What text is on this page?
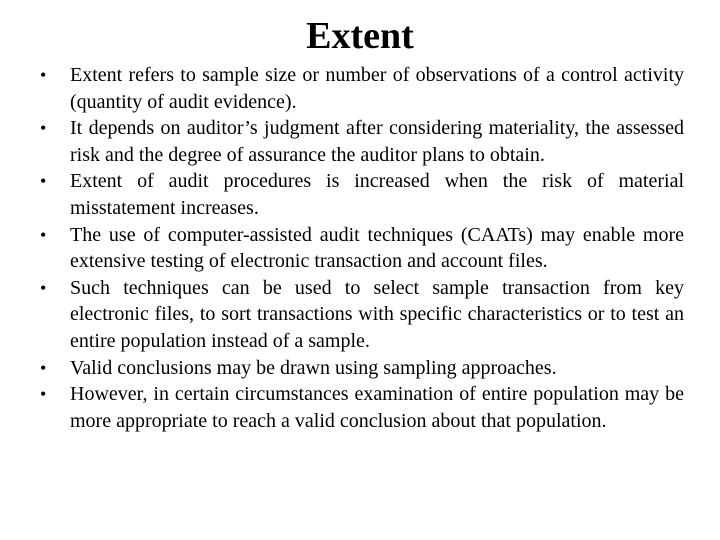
Extent
•	Extent refers to sample size or number of observations of a control activity (quantity of audit evidence).
•	It depends on auditor’s judgment after considering materiality, the assessed risk and the degree of assurance the auditor plans to obtain.
•	Extent of audit procedures is increased when the risk of material misstatement increases.
•	The use of computer-assisted audit techniques (CAATs) may enable more extensive testing of electronic transaction and account files.
•	Such techniques can be used to select sample transaction from key electronic files, to sort transactions with specific characteristics or to test an entire population instead of a sample.
•	Valid conclusions may be drawn using sampling approaches.
•	However, in certain circumstances examination of entire population may be more appropriate to reach a valid conclusion about that population.
